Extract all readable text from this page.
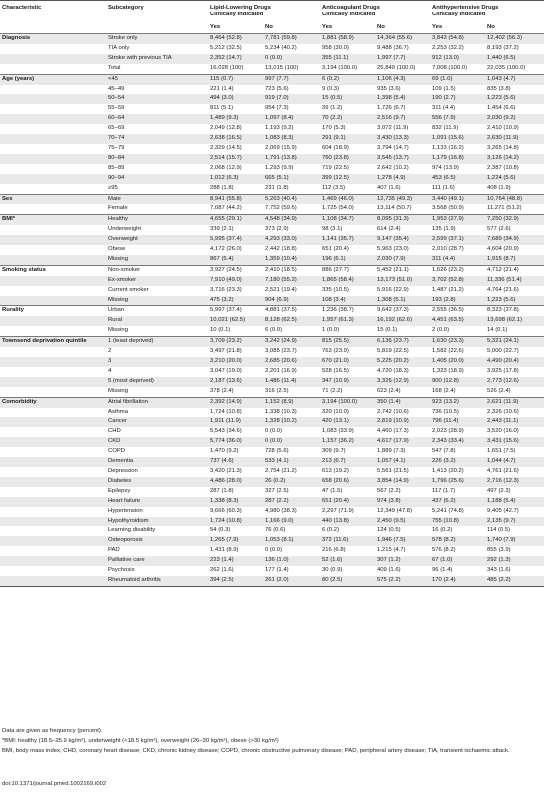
Characteristic	Subcategory	Lipid-Lowering Drugs		Anticoagulant Drugs		Antihypertensive Drugs	
		Clinically Indicated		Clinically Indicated		Clinically Indicated	
		Yes	No	Yes	No	Yes	No
Diagnosis	Stroke only	8,464 (52.8)	7,781 (59.8)	1,881 (58.9)	14,364 (55.6)	3,843 (54.8)	12,402 (56.3)
	TIA only	5,212 (32.5)	5,234 (40.2)	958 (30.0)	9,488 (36.7)	2,253 (32.2)	8,193 (37.2)
	Stroke with previous TIA	2,352 (14.7)	0 (0.0)	355 (11.1)	1,997 (7.7)	912 (13.0)	1,440 (6.5)
	Total	16,028 (100)	13,015 (100)	3,194 (100.0)	25,849 (100.0)	7,008 (100.0)	22,035 (100.0)
Age (years)	<45	115 (0.7)	997 (7.7)	6 (0.2)	1,106 (4.3)	69 (1.0)	1,043 (4.7)
	45–49	221 (1.4)	723 (5.6)	9 (0.3)	935 (3.6)	109 (1.5)	835 (3.8)
	50–54	494 (3.0)	919 (7.0)	15 (0.5)	1,398 (5.4)	190 (2.7)	1,223 (5.6)
	55–59	811 (5.1)	954 (7.3)	39 (1.2)	1,726 (6.7)	311 (4.4)	1,454 (6.6)
	60–64	1,489 (9.3)	1,097 (8.4)	70 (2.2)	2,516 (9.7)	556 (7.9)	2,030 (9.2)
	65–69	2,049 (12.8)	1,193 (9.2)	170 (5.3)	3,072 (11.9)	832 (11.9)	2,410 (10.9)
	70–74	2,638 (16.5)	1,083 (8.3)	291 (9.1)	3,430 (13.3)	1,091 (15.6)	2,630 (11.9)
	75–79	2,329 (14.5)	2,069 (15.9)	604 (18.9)	3,794 (14.7)	1,133 (16.2)	3,265 (14.8)
	80–84	2,514 (15.7)	1,791 (13.8)	760 (23.8)	3,545 (13.7)	1,179 (16.8)	3,126 (14.2)
	85–89	2,068 (12.9)	1,293 (9.9)	719 (22.5)	2,642 (10.2)	974 (13.9)	2,387 (10.8)
	90–94	1,012 (6.3)	665 (5.1)	399 (12.5)	1,278 (4.9)	453 (6.5)	1,224 (5.6)
	≥95	288 (1.8)	231 (1.8)	112 (3.5)	407 (1.6)	111 (1.6)	408 (1.9)
Sex	Male	8,941 (55.8)	5,263 (40.4)	1,469 (46.0)	12,735 (49.3)	3,440 (49.1)	10,764 (48.8)
	Female	7,087 (44.2)	7,752 (59.6)	1,725 (54.0)	13,114 (50.7)	3,568 (50.9)	11,271 (51.2)
BMI*	Healthy	4,655 (29.1)	4,548 (34.9)	1,108 (34.7)	8,095 (31.3)	1,953 (27.9)	7,250 (32.9)
	Underweight	339 (2.1)	373 (2.9)	98 (3.1)	614 (2.4)	135 (1.9)	577 (2.6)
	Overweight	5,995 (37.4)	4,293 (33.0)	1,141 (35.7)	9,147 (35.4)	2,599 (37.1)	7,689 (34.9)
	Obese	4,172 (26.0)	2,442 (18.8)	651 (20.4)	5,963 (23.0)	2,010 (28.7)	4,604 (20.9)
	Missing	867 (5.4)	1,359 (10.4)	196 (6.1)	2,030 (7.9)	311 (4.4)	1,915 (8.7)
Smoking status	Non-smoker	3,927 (24.5)	2,410 (18.5)	886 (27.7)	5,452 (21.1)	1,626 (23.2)	4,712 (21.4)
	Ex-smoker	7,910 (49.0)	7,180 (55.2)	1,865 (58.4)	13,173 (51.0)	3,702 (52.8)	11,336 (51.4)
	Current smoker	3,716 (23.3)	2,521 (19.4)	335 (10.5)	5,916 (22.9)	1,487 (21.2)	4,764 (21.6)
	Missing	475 (3.2)	904 (6.9)	108 (3.4)	1,308 (5.1)	193 (2.8)	1,223 (5.6)
Rurality	Urban	5,997 (37.4)	4,881 (37.5)	1,236 (38.7)	9,642 (37.3)	2,555 (36.5)	8,323 (37.8)
	Rural	10,021 (62.5)	8,128 (62.5)	1,957 (61.3)	16,192 (62.6)	4,451 (63.5)	13,698 (62.1)
	Missing	10 (0.1)	6 (0.0)	1 (0.0)	15 (0.1)	2 (0.0)	14 (0.1)
Townsend deprivation quintile	1 (least deprived)	3,709 (23.2)	3,242 (24.9)	815 (25.5)	6,136 (23.7)	1,630 (23.3)	5,321 (24.1)
	2	3,497 (21.8)	3,085 (23.7)	763 (23.9)	5,819 (22.5)	1,582 (22.6)	5,000 (22.7)
	3	3,210 (20.0)	2,685 (20.6)	670 (21.0)	5,225 (20.2)	1,405 (20.0)	4,490 (20.4)
	4	3,047 (19.0)	2,201 (16.9)	528 (16.5)	4,720 (18.3)	1,323 (18.9)	3,925 (17.8)
	5 (most deprived)	2,187 (13.6)	1,486 (11.4)	347 (10.9)	3,326 (12.9)	900 (12.8)	2,773 (12.6)
	Missing	378 (2.4)	316 (2.5)	71 (2.2)	623 (2.4)	168 (2.4)	526 (2.4)
Comorbidity	Atrial fibrillation	2,392 (14.9)	1,152 (8.9)	3,194 (100.0)	350 (1.4)	923 (13.2)	2,621 (11.9)
	Asthma	1,724 (10.8)	1,338 (10.3)	320 (10.0)	2,742 (10.6)	736 (10.5)	2,326 (10.6)
	Cancer	1,911 (11.9)	1,328 (10.2)	420 (13.1)	2,819 (10.9)	796 (11.4)	2,443 (11.1)
	CHD	5,543 (34.6)	0 (0.0)	1,083 (33.9)	4,460 (17.3)	2,023 (28.9)	3,520 (16.0)
	CKD	5,774 (36.0)	0 (0.0)	1,157 (36.2)	4,617 (17.9)	2,343 (33.4)	3,431 (15.6)
	COPD	1,470 (9.2)	728 (5.6)	309 (9.7)	1,889 (7.3)	547 (7.8)	1,651 (7.5)
	Dementia	737 (4.6)	533 (4.1)	213 (6.7)	1,057 (4.1)	226 (3.2)	1,044 (4.7)
	Depression	3,420 (21.3)	2,754 (21.2)	613 (19.2)	5,561 (21.5)	1,413 (20.2)	4,761 (21.6)
	Diabetes	4,486 (28.0)	26 (0.2)	658 (20.6)	3,854 (14.9)	1,796 (25.6)	2,716 (12.3)
	Epilepsy	287 (1.8)	327 (2.5)	47 (1.5)	567 (2.2)	117 (1.7)	497 (2.3)
	Heart failure	1,338 (8.3)	287 (2.2)	651 (20.4)	974 (3.8)	437 (6.2)	1,188 (5.4)
	Hypertension	9,666 (60.3)	4,980 (38.3)	2,297 (71.9)	12,349 (47.8)	5,241 (74.8)	9,405 (42.7)
	Hypothyroidism	1,724 (10.8)	1,166 (9.0)	440 (13.8)	2,450 (9.5)	755 (10.8)	2,135 (9.7)
	Learning disability	54 (0.3)	76 (0.6)	6 (0.2)	124 (0.5)	16 (0.2)	114 (0.5)
	Osteoporosis	1,265 (7.9)	1,053 (8.1)	372 (11.6)	1,946 (7.5)	578 (8.2)	1,740 (7.9)
	PAD	1,431 (8.9)	0 (0.0)	216 (6.8)	1,215 (4.7)	576 (8.2)	855 (3.9)
	Palliative care	223 (1.4)	136 (1.0)	52 (1.6)	307 (1.2)	67 (1.0)	292 (1.3)
	Psychosis	262 (1.6)	177 (1.4)	30 (0.9)	409 (1.6)	96 (1.4)	343 (1.6)
	Rheumatoid arthritis	394 (2.5)	261 (2.0)	80 (2.5)	575 (2.2)	170 (2.4)	485 (2.2)
Data are given as frequency (percent).
*BMI: healthy (18.5–25.9 kg/m²), underweight (<18.5 kg/m²), overweight (26–30 kg/m²), obese (>30 kg/m²)
BMI, body mass index; CHD, coronary heart disease; CKD, chronic kidney disease; COPD, chronic obstructive pulmonary disease; PAD, peripheral artery disease; TIA, transient ischaemic attack.
doi:10.1371/journal.pmed.1002169.t002
